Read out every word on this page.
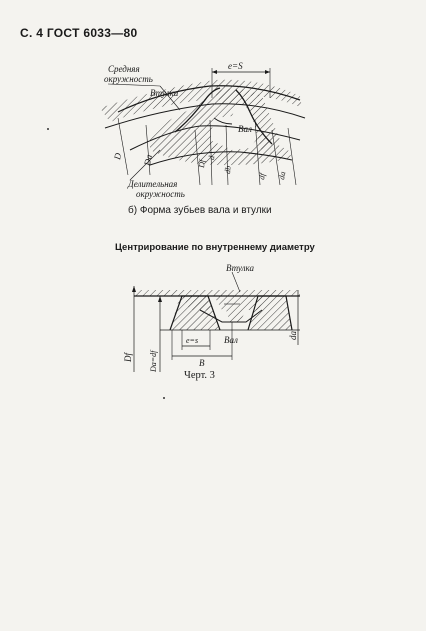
С. 4 ГОСТ 6033—80
Средняя
окружность
Втулки
Вал
e=S
D Da	Df
d
db
df da
Делительная
окружность
Втулка
Вал
e=s
B
Df Da=df
da
б) Форма зубьев вала и втулки
Центрирование по внутреннему диаметру
Черт. 3
